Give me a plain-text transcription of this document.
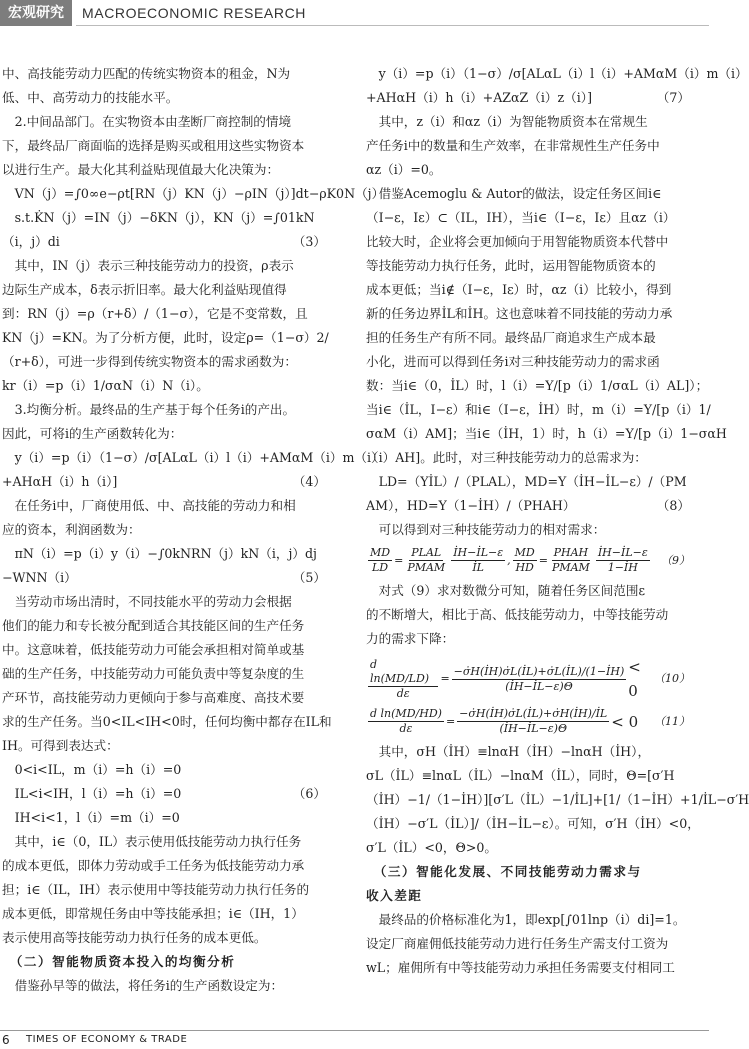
宏观研究	MACROECONOMIC RESEARCH

中、高技能劳动力匹配的传统实物资本的租金，N为

低、中、高劳动力的技能水平。

　2.中间品部门。在实物资本由垄断厂商控制的情境

下，最终品厂商面临的选择是购买或租用这些实物资本

以进行生产。最大化其利益贴现值最大化决策为：

　VN（j）=∫0∞e−ρt[RN（j）KN（j）−ρIN（j）]dt−ρK0N（j）

　s.t.K̇N（j）=IN（j）−δKN（j），KN（j）=∫01kN

（i，j）di	（3）

　其中，IN（j）表示三种技能劳动力的投资，ρ表示

边际生产成本，δ表示折旧率。最大化利益贴现值得

到：RN（j）=ρ（r+δ）/（1−σ），它是不变常数，且

KN（j）=KN。为了分析方便，此时，设定ρ=（1−σ）2/

（r+δ），可进一步得到传统实物资本的需求函数为：

kr（i）=p（i）1/σαN（i）N（i）。

　3.均衡分析。最终品的生产基于每个任务i的产出。

因此，可将i的生产函数转化为：

　y（i）=p（i）（1−σ）/σ[ALαL（i）l（i）+AMαM（i）m（i）

+AHαH（i）h（i）]	（4）

　在任务i中，厂商使用低、中、高技能的劳动力和相

应的资本，利润函数为：

　πN（i）=p（i）y（i）−∫0kNRN（j）kN（i，j）dj

−WNN（i）	（5）

　当劳动市场出清时，不同技能水平的劳动力会根据

他们的能力和专长被分配到适合其技能区间的生产任务

中。这意味着，低技能劳动力可能会承担相对简单或基

础的生产任务，中技能劳动力可能负责中等复杂度的生

产环节，高技能劳动力更倾向于参与高难度、高技术要

求的生产任务。当0<IL<IH<0时，任何均衡中都存在IL和

IH。可得到表达式：

　0<i<IL，m（i）=h（i）=0

　IL<i<IH，l（i）=h（i）=0	（6）

　IH<i<1，l（i）=m（i）=0

　其中，i∈（0，IL）表示使用低技能劳动力执行任务

的成本更低，即体力劳动或手工任务为低技能劳动力承

担；i∈（IL，IH）表示使用中等技能劳动力执行任务的

成本更低，即常规任务由中等技能承担；i∈（IH，1）

表示使用高等技能劳动力执行任务的成本更低。

　（二）智能物质资本投入的均衡分析

　借鉴孙早等的做法，将任务i的生产函数设定为：

　y（i）=p（i）（1−σ）/σ[ALαL（i）l（i）+AMαM（i）m（i）

+AHαH（i）h（i）+AZαZ（i）z（i）]	（7）

　其中，z（i）和αz（i）为智能物质资本在常规生

产任务i中的数量和生产效率，在非常规性生产任务中

αz（i）=0。

　借鉴Acemoglu & Autor的做法，设定任务区间i∈

（I−ε，Iε）⊂（IL，IH），当i∈（I−ε，Iε）且αz（i）

比较大时，企业将会更加倾向于用智能物质资本代替中

等技能劳动力执行任务，此时，运用智能物质资本的

成本更低；当i∉（I−ε，Iε）时，αz（i）比较小，得到

新的任务边界İL和İH。这也意味着不同技能的劳动力承

担的任务生产有所不同。最终品厂商追求生产成本最

小化，进而可以得到任务i对三种技能劳动力的需求函

数：当i∈（0，İL）时，l（i）=Y/[p（i）1/σαL（i）AL]）；

当i∈（İL，I−ε）和i∈（I−ε，İH）时，m（i）=Y/[p（i）1/

σαM（i）AM]；当i∈（İH，1）时，h（i）=Y/[p（i）1−σαH

（i）AH]。此时，对三种技能劳动力的总需求为：

　LD=（YİL）/（PLAL），MD=Y（İH−İL−ε）/（PM

AM），HD=Y（1−İH）/（PHAH）	（8）

　可以得到对三种技能劳动力的相对需求：

$\frac{MD}{LD} = \frac{\text{PLAL}}{\text{PMAM}} \frac{İH-İL-\varepsilon}{İL}$ , $\frac{MD}{HD} = \frac{\text{PHAH}}{\text{PMAM}} \frac{İH-İL-\varepsilon}{1-İH} (9)$

　对式（9）求对数微分可知，随着任务区间范围ε

的不断增大，相比于高、低技能劳动力，中等技能劳动

力的需求下降：

$\frac{\text{d ln(MD/LD)}}{d\varepsilon} = \frac{-\sigmȧH(İH)\sigmȧL(İL)+\sigmȧL(İL)/(1-İH)}{(İH-İL-\varepsilon)\Theta} < 0$
（10）
$\frac{\text{d ln(MD/HD)}}{d\varepsilon} = \frac{-\sigmȧH(İH)\sigmȧL(İL)+\sigmȧH(İH)/İL}{(İH-İL-\varepsilon)\Theta} < 0$ （11）

　其中，σH（İH）≡lnαH（İH）−lnαH（İH），

σL（İL）≡lnαL（İL）−lnαM（İL），同时，Θ=[σ′H

（İH）−1/（1−İH）][σ′L（İL）−1/İL]+[1/（1−İH）+1/İL−σ′H

（İH）−σ′L（İL）]/（İH−İL−ε）。可知，σ′H（İH）<0，

σ′L（İL）<0，Θ>0。

　（三）智能化发展、不同技能劳动力需求与

收入差距

　最终品的价格标准化为1，即exp[∫01lnp（i）di]=1。

设定厂商雇佣低技能劳动力进行任务生产需支付工资为

wL；雇佣所有中等技能劳动力承担任务需要支付相同工

6 TIMES OF ECONOMY & TRADE
